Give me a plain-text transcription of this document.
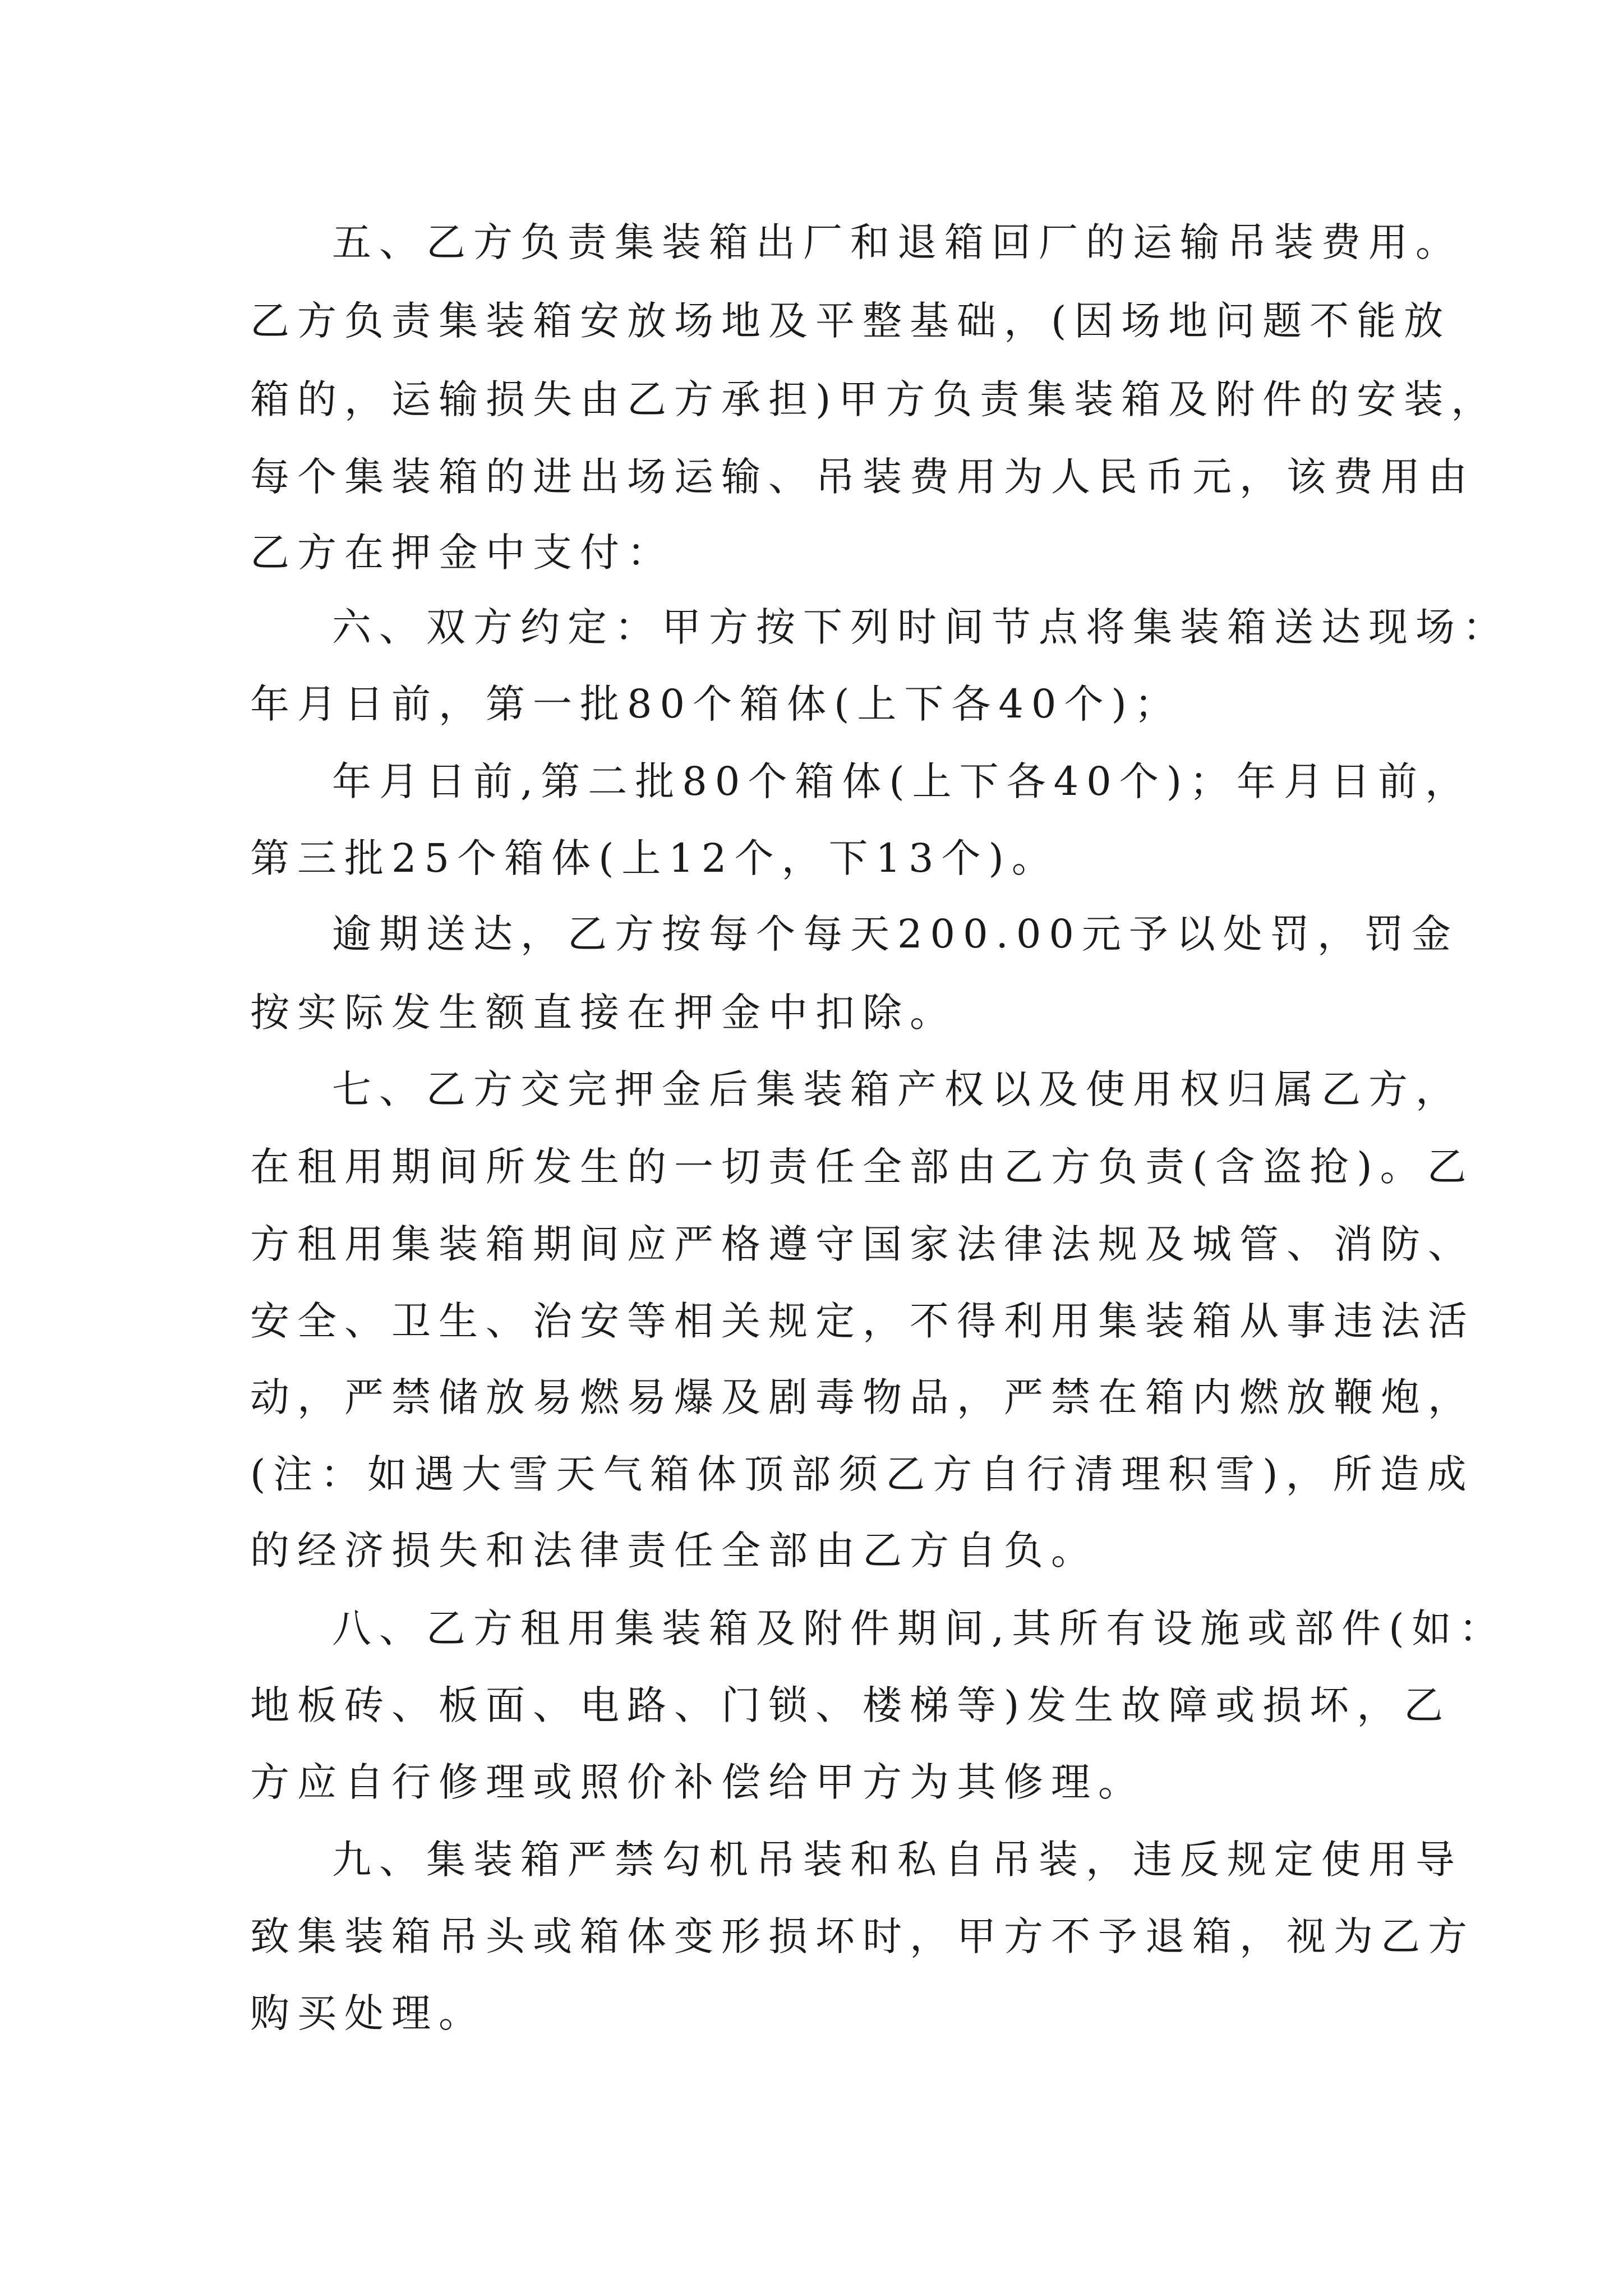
五、乙方负责集装箱出厂和退箱回厂的运输吊装费用。
乙方负责集装箱安放场地及平整基础，(因场地问题不能放
箱的，运输损失由乙方承担)甲方负责集装箱及附件的安装，
每个集装箱的进出场运输、吊装费用为人民币元，该费用由
乙方在押金中支付：
六、双方约定：甲方按下列时间节点将集装箱送达现场：
年月日前，第一批80个箱体(上下各40个)；
年月日前,第二批80个箱体(上下各40个)；年月日前，
第三批25个箱体(上12个，下13个)。
逾期送达，乙方按每个每天200.00元予以处罚，罚金
按实际发生额直接在押金中扣除。
七、乙方交完押金后集装箱产权以及使用权归属乙方，
在租用期间所发生的一切责任全部由乙方负责(含盗抢)。乙
方租用集装箱期间应严格遵守国家法律法规及城管、消防、
安全、卫生、治安等相关规定，不得利用集装箱从事违法活
动，严禁储放易燃易爆及剧毒物品，严禁在箱内燃放鞭炮，
(注：如遇大雪天气箱体顶部须乙方自行清理积雪)，所造成
的经济损失和法律责任全部由乙方自负。
八、乙方租用集装箱及附件期间,其所有设施或部件(如：
地板砖、板面、电路、门锁、楼梯等)发生故障或损坏，乙
方应自行修理或照价补偿给甲方为其修理。
九、集装箱严禁勾机吊装和私自吊装，违反规定使用导
致集装箱吊头或箱体变形损坏时，甲方不予退箱，视为乙方
购买处理。
